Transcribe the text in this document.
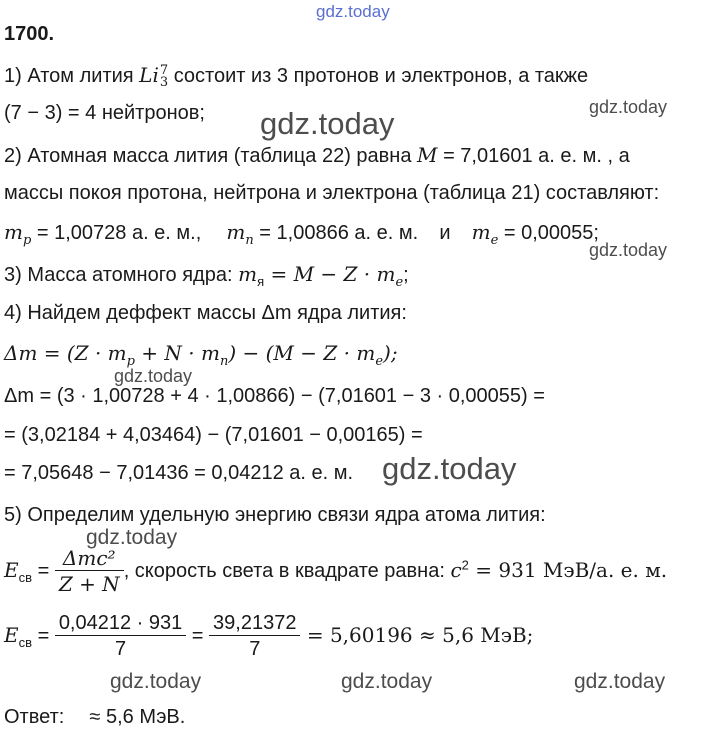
gdz.today
gdz.today
gdz.today
gdz.today
gdz.today
gdz.today
gdz.today
gdz.today	gdz.today	gdz.today
1700.
1) Атом лития Li 7
3 состоит из 3 протонов и электронов, а также
(7 − 3) = 4 нейтронов;
2) Атомная масса лития (таблица 22) равна M = 7,01601 а. е. м. , а
массы покоя протона, нейтрона и электрона (таблица 21) составляют:
$m_p = 1,00728$ а. е. м., $m_n = 1,00866$ а. е. м. и $m_e = 0,00055$;
3) Масса атомного ядра: $m_я = M - Z \cdot m_e$;
4) Найдем деффект массы Δm ядра лития:
$\Delta m = (Z \cdot m_p + N \cdot m_n) - (M - Z \cdot m_e)$;
Δm = (3 · 1,00728 + 4 · 1,00866) − (7,01601 − 3 · 0,00055) =
= (3,02184 + 4,03464) − (7,01601 − 0,00165) =
= 7,05648 − 7,01436 = 0,04212 а. е. м.
5) Определим удельную энергию связи ядра атома лития:
$E_{св} = \frac{\text{Δmc²}}{Z + N}$ , скорость света в квадрате равна: $c^2 = 931$ МэВ/а. е. м.
$E_{св} = \frac{0,04212 \cdot 931}{7} = \frac{39,21372}{7} = 5,60196 \approx 5,6$ МэВ;
Ответ: ≈ 5,6 МэВ.
